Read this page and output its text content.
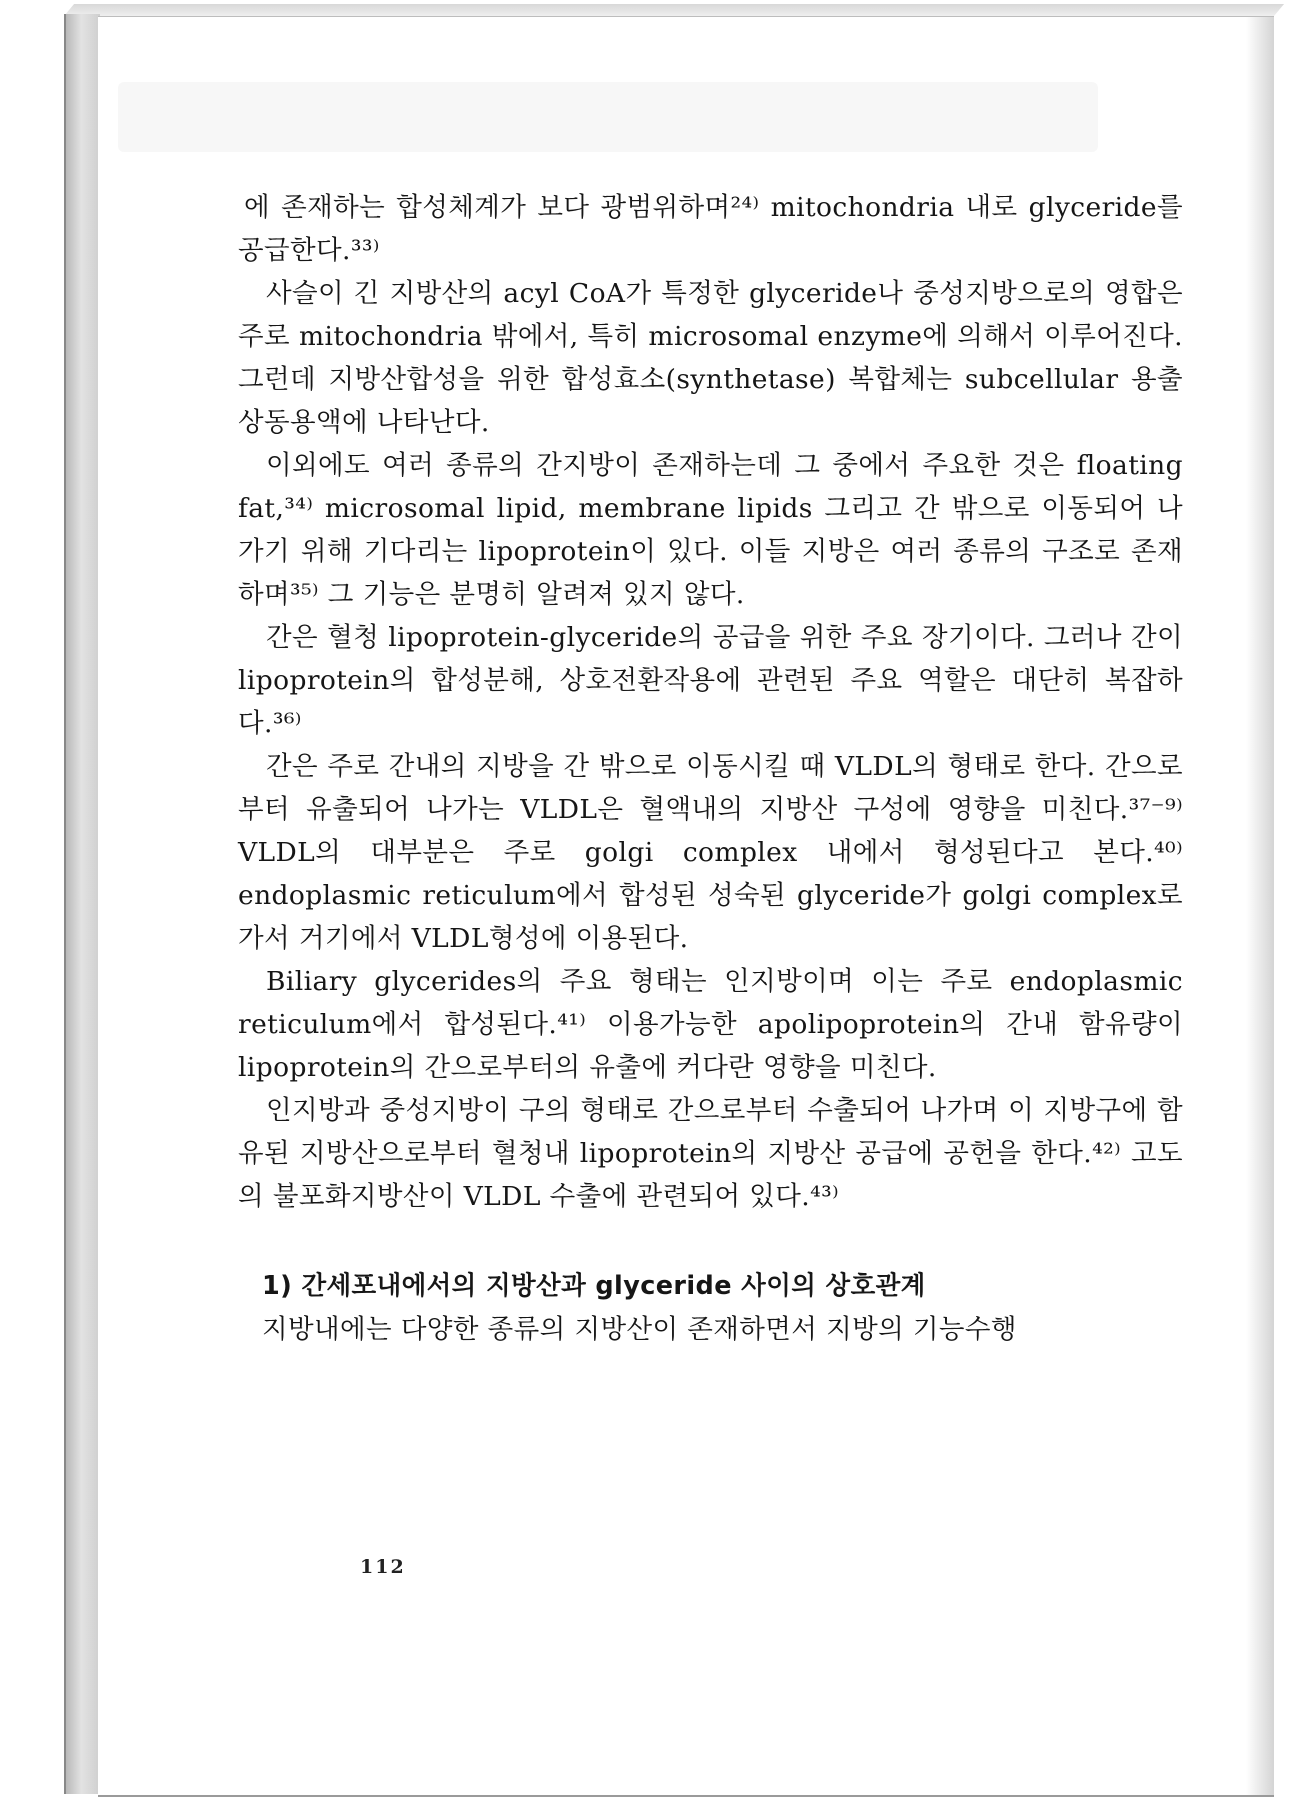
에 존재하는 합성체계가 보다 광범위하며²⁴⁾ mitochondria 내로 glyceride를 공급한다.³³⁾

사슬이 긴 지방산의 acyl CoA가 특정한 glyceride나 중성지방으로의 영합은 주로 mitochondria 밖에서, 특히 microsomal enzyme에 의해서 이루어진다. 그런데 지방산합성을 위한 합성효소(synthetase) 복합체는 subcellular 용출 상동용액에 나타난다.

이외에도 여러 종류의 간지방이 존재하는데 그 중에서 주요한 것은 floating fat,³⁴⁾ microsomal lipid, membrane lipids 그리고 간 밖으로 이동되어 나가기 위해 기다리는 lipoprotein이 있다. 이들 지방은 여러 종류의 구조로 존재하며³⁵⁾ 그 기능은 분명히 알려져 있지 않다.

간은 혈청 lipoprotein-glyceride의 공급을 위한 주요 장기이다. 그러나 간이 lipoprotein의 합성분해, 상호전환작용에 관련된 주요 역할은 대단히 복잡하다.³⁶⁾

간은 주로 간내의 지방을 간 밖으로 이동시킬 때 VLDL의 형태로 한다. 간으로부터 유출되어 나가는 VLDL은 혈액내의 지방산 구성에 영향을 미친다.³⁷⁻⁹⁾ VLDL의 대부분은 주로 golgi complex 내에서 형성된다고 본다.⁴⁰⁾ endoplasmic reticulum에서 합성된 성숙된 glyceride가 golgi complex로 가서 거기에서 VLDL형성에 이용된다.

Biliary glycerides의 주요 형태는 인지방이며 이는 주로 endoplasmic reticulum에서 합성된다.⁴¹⁾ 이용가능한 apolipoprotein의 간내 함유량이 lipoprotein의 간으로부터의 유출에 커다란 영향을 미친다.

인지방과 중성지방이 구의 형태로 간으로부터 수출되어 나가며 이 지방구에 함유된 지방산으로부터 혈청내 lipoprotein의 지방산 공급에 공헌을 한다.⁴²⁾ 고도의 불포화지방산이 VLDL 수출에 관련되어 있다.⁴³⁾

1) 간세포내에서의 지방산과 glyceride 사이의 상호관계

지방내에는 다양한 종류의 지방산이 존재하면서 지방의 기능수행

112
